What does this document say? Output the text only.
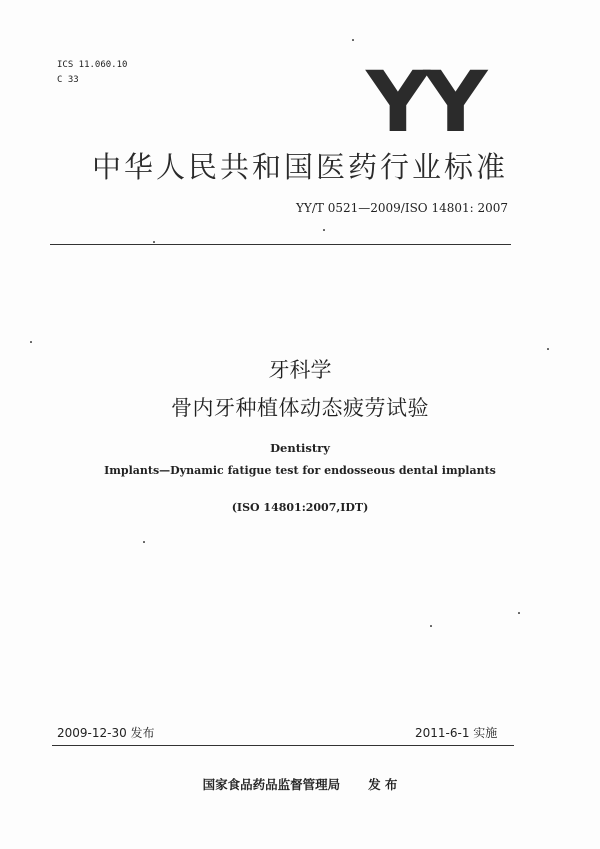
ICS 11.060.10
C 33	YY
中华人民共和国医药行业标准
YY/T 0521—2009/ISO 14801: 2007
牙科学
骨内牙种植体动态疲劳试验
Dentistry
Implants—Dynamic fatigue test for endosseous dental implants
(ISO 14801:2007,IDT)
2009-12-30 发布	2011-6-1 实施
国家食品药品监督管理局 发 布
